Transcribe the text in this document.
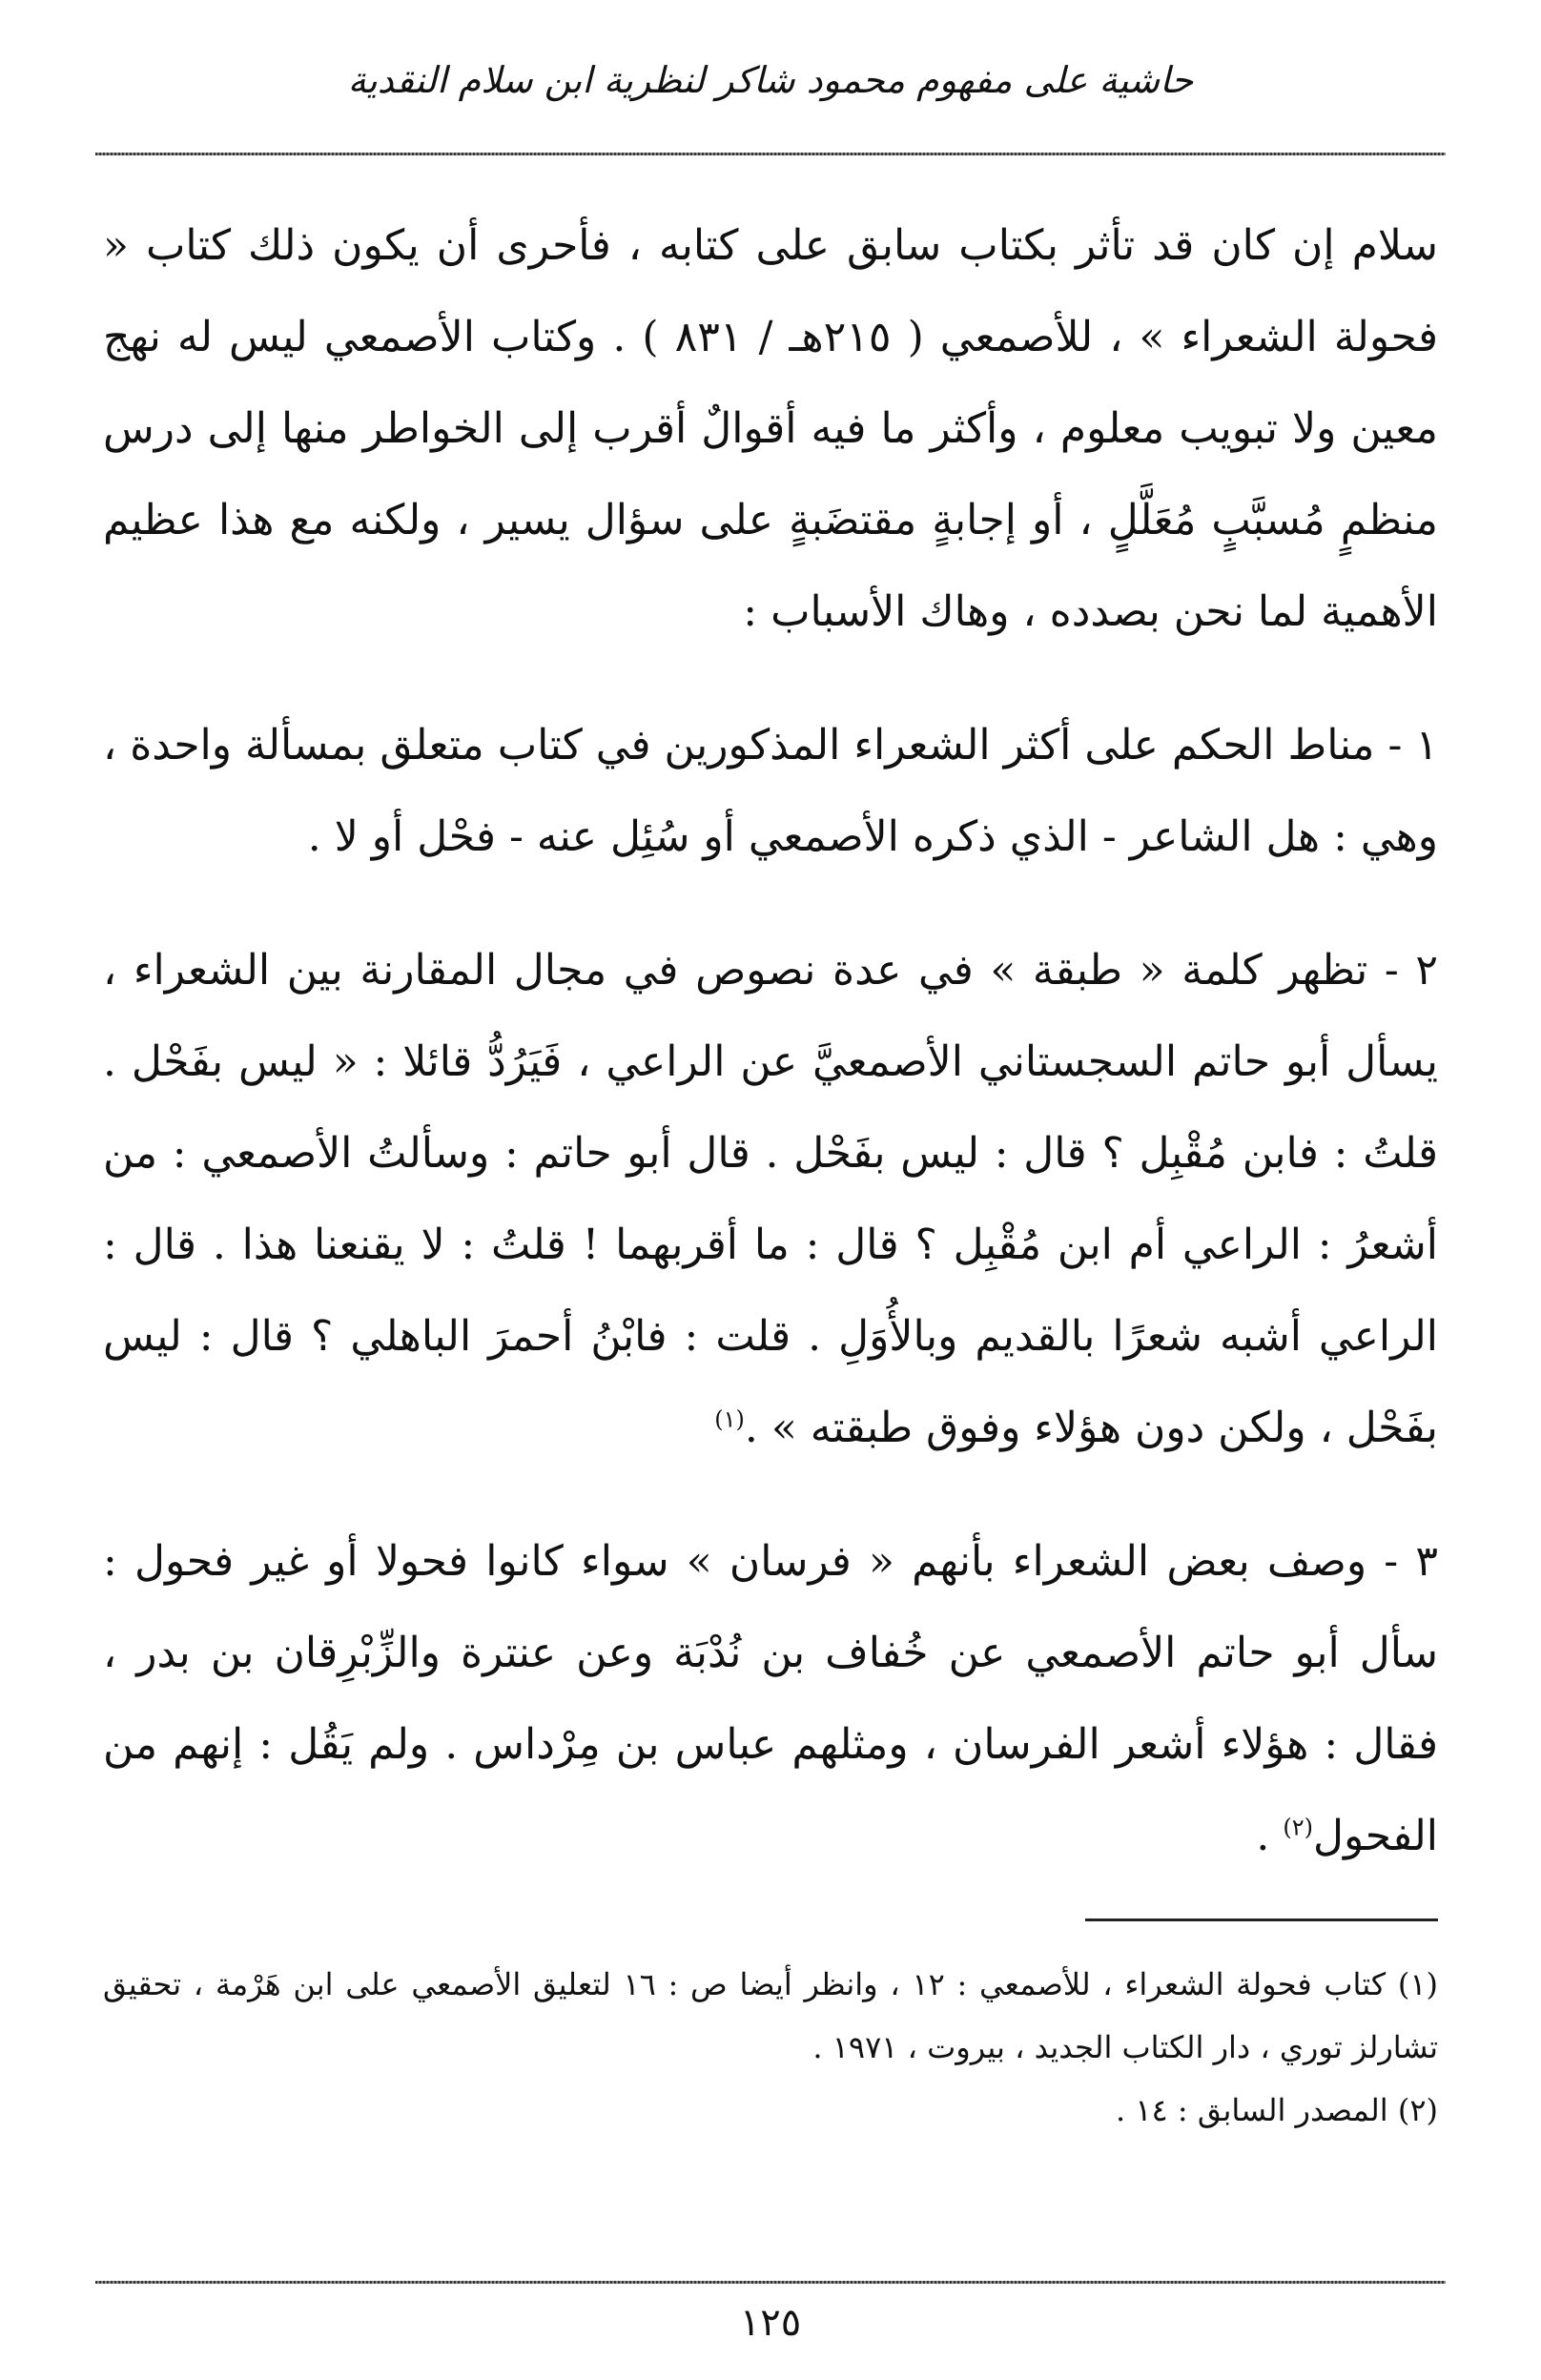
حاشية على مفهوم محمود شاكر لنظرية ابن سلام النقدية

سلام إن كان قد تأثر بكتاب سابق على كتابه ، فأحرى أن يكون ذلك كتاب « فحولة الشعراء » ، للأصمعي ( ٢١٥هـ / ٨٣١ ) . وكتاب الأصمعي ليس له نهج معين ولا تبويب معلوم ، وأكثر ما فيه أقوالٌ أقرب إلى الخواطر منها إلى درس منظمٍ مُسبَّبٍ مُعَلَّلٍ ، أو إجابةٍ مقتضَبةٍ على سؤال يسير ، ولكنه مع هذا عظيم الأهمية لما نحن بصدده ، وهاك الأسباب :

١ - مناط الحكم على أكثر الشعراء المذكورين في كتاب متعلق بمسألة واحدة ، وهي : هل الشاعر - الذي ذكره الأصمعي أو سُئِل عنه - فحْل أو لا .

٢ - تظهر كلمة « طبقة » في عدة نصوص في مجال المقارنة بين الشعراء ، يسأل أبو حاتم السجستاني الأصمعيَّ عن الراعي ، فَيَرُدُّ قائلا : « ليس بفَحْل . قلتُ : فابن مُقْبِل ؟ قال : ليس بفَحْل . قال أبو حاتم : وسألتُ الأصمعي : من أشعرُ : الراعي أم ابن مُقْبِل ؟ قال : ما أقربهما ! قلتُ : لا يقنعنا هذا . قال : الراعي أشبه شعرًا بالقديم وبالأُوَلِ . قلت : فابْنُ أحمرَ الباهلي ؟ قال : ليس بفَحْل ، ولكن دون هؤلاء وفوق طبقته » .$^{(١)}$

٣ - وصف بعض الشعراء بأنهم « فرسان » سواء كانوا فحولا أو غير فحول : سأل أبو حاتم الأصمعي عن خُفاف بن نُدْبَة وعن عنترة والزِّبْرِقان بن بدر ، فقال : هؤلاء أشعر الفرسان ، ومثلهم عباس بن مِرْداس . ولم يَقُل : إنهم من الفحول$^{(٢)}$ .

(١) كتاب فحولة الشعراء ، للأصمعي : ١٢ ، وانظر أيضا ص : ١٦ لتعليق الأصمعي على ابن هَرْمة ، تحقيق تشارلز توري ، دار الكتاب الجديد ، بيروت ، ١٩٧١ .

(٢) المصدر السابق : ١٤ .

١٢٥
